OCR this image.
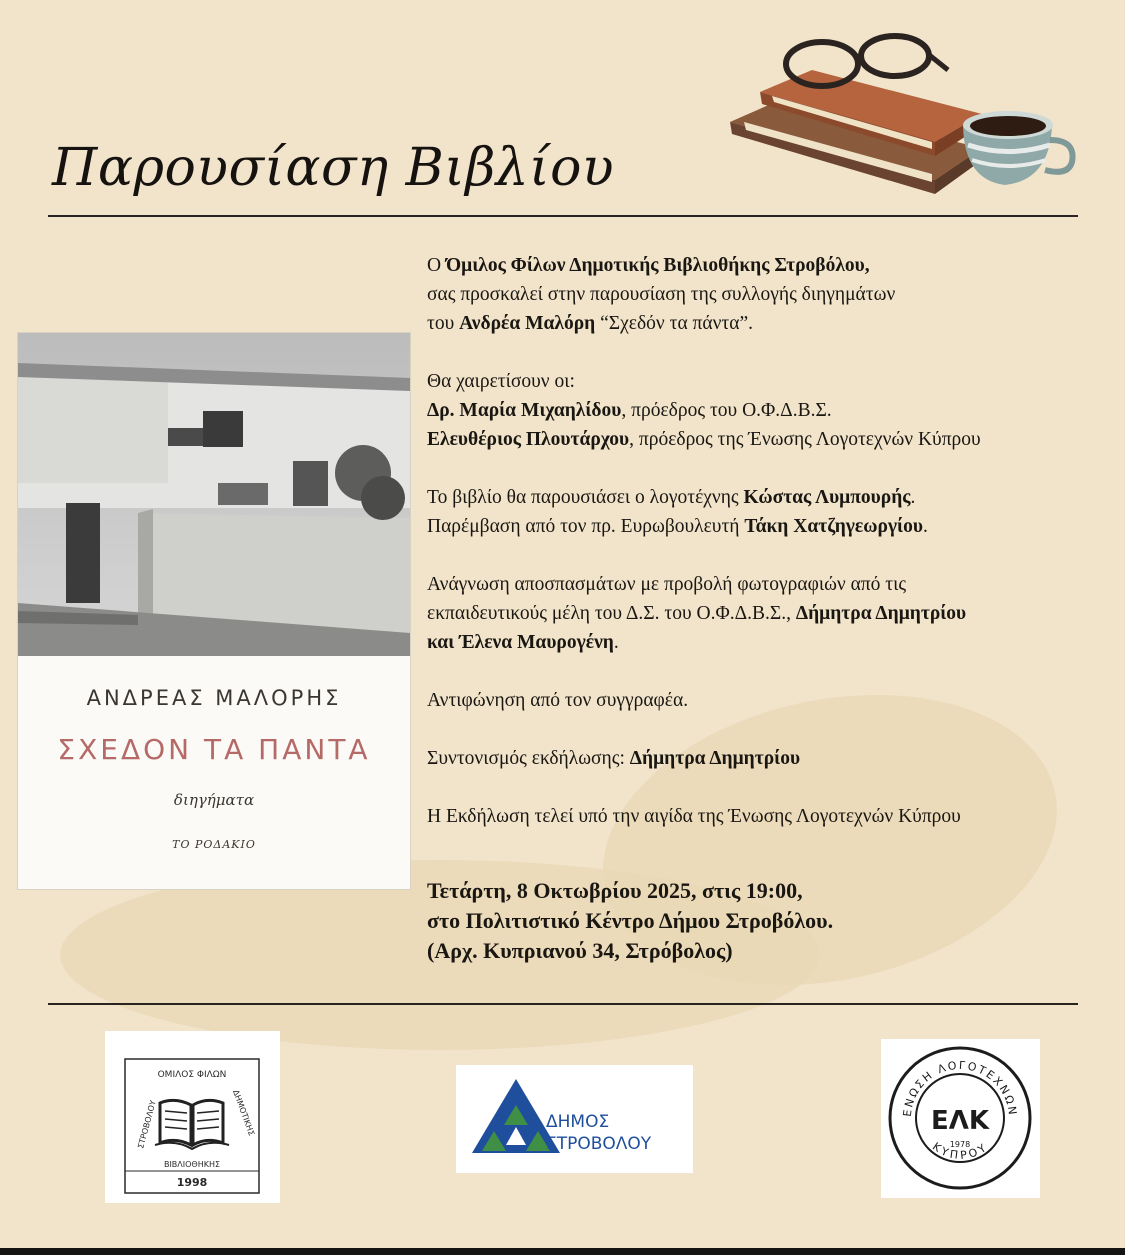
Παρουσίαση Βιβλίου
ΑΝΔΡΕΑΣ ΜΑΛΟΡΗΣ
ΣΧΕΔΟΝ ΤΑ ΠΑΝΤΑ
διηγήματα
ΤΟ ΡΟΔΑΚΙΟ

Ο Όμιλος Φίλων Δημοτικής Βιβλιοθήκης Στροβόλου,

σας προσκαλεί στην παρουσίαση της συλλογής διηγημάτων

του Ανδρέα Μαλόρη “Σχεδόν τα πάντα”.

Θα χαιρετίσουν οι:

Δρ. Μαρία Μιχαηλίδου, πρόεδρος του Ο.Φ.Δ.Β.Σ.

Ελευθέριος Πλουτάρχου, πρόεδρος της Ένωσης Λογοτεχνών Κύπρου

Το βιβλίο θα παρουσιάσει ο λογοτέχνης Κώστας Λυμπουρής.

Παρέμβαση από τον πρ. Ευρωβουλευτή Τάκη Χατζηγεωργίου.

Ανάγνωση αποσπασμάτων με προβολή φωτογραφιών από τις

εκπαιδευτικούς μέλη του Δ.Σ. του Ο.Φ.Δ.Β.Σ., Δήμητρα Δημητρίου

και Έλενα Μαυρογένη.

Αντιφώνηση από τον συγγραφέα.

Συντονισμός εκδήλωσης: Δήμητρα Δημητρίου

Η Εκδήλωση τελεί υπό την αιγίδα της Ένωσης Λογοτεχνών Κύπρου

Τετάρτη, 8 Οκτωβρίου 2025, στις 19:00,
στο Πολιτιστικό Κέντρο Δήμου Στροβόλου.
(Αρχ. Κυπριανού 34, Στρόβολος)
ΟΜΙΛΟΣ ΦΙΛΩΝ
ΔΗΜΟΤΙΚΗΣ
ΒΙΒΛΙΟΘΗΚΗΣ
ΣΤΡΟΒΟΛΟΥ
1998
ΔΗΜΟΣ
ΣΤΡΟΒΟΛΟΥ
ΕΝΩΣΗ ΛΟΓΟΤΕΧΝΩΝ
ΚΥΠΡΟΥ
ΕΛΚ
1978
